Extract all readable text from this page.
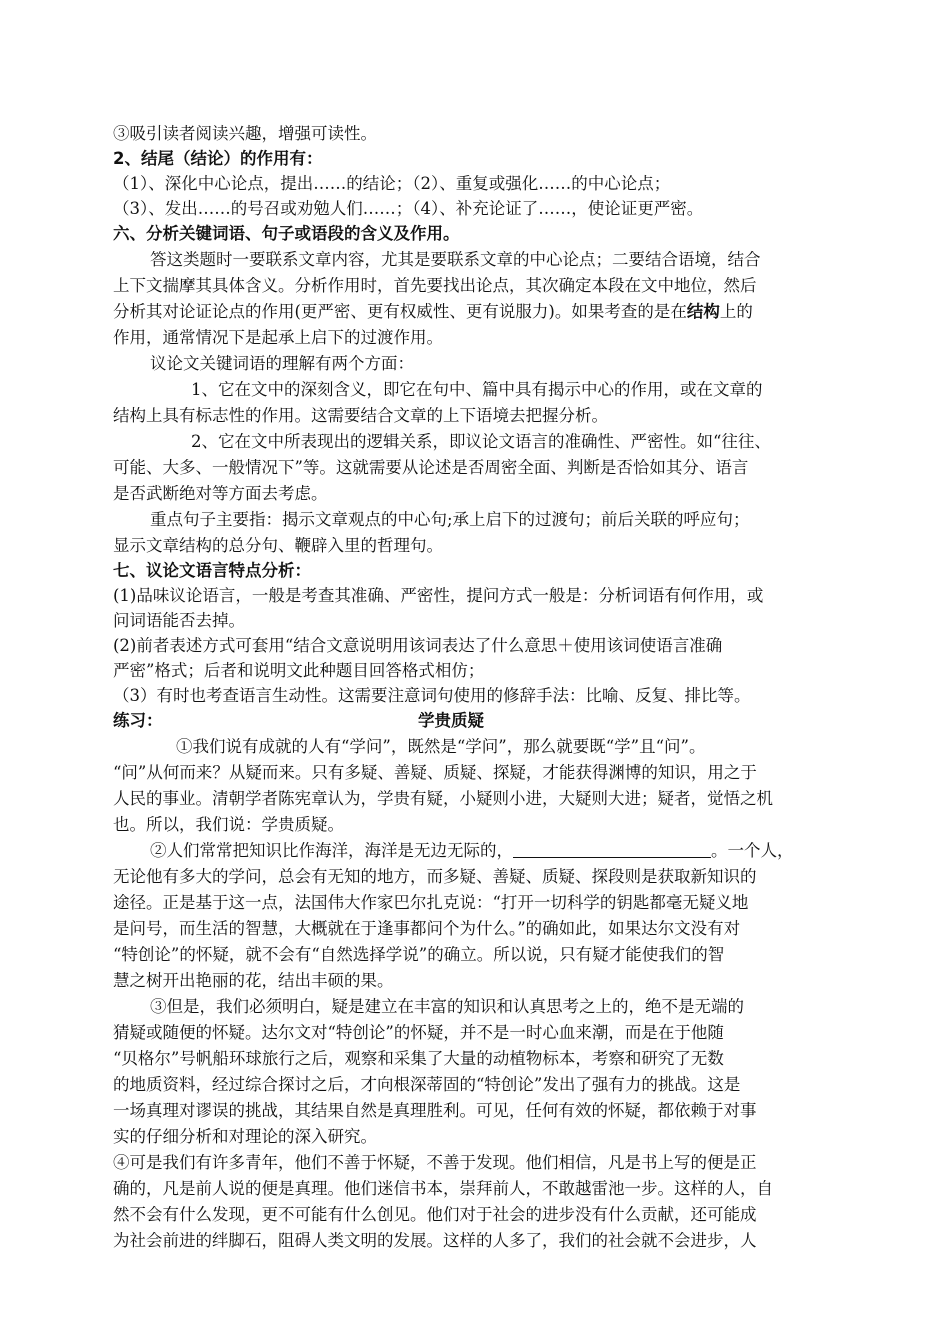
③吸引读者阅读兴趣，增强可读性。
2、结尾（结论）的作用有：
（1）、深化中心论点，提出……的结论；（2）、重复或强化……的中心论点；
（3）、发出……的号召或劝勉人们……；（4）、补充论证了……，使论证更严密。
六、分析关键词语、句子或语段的含义及作用。
答这类题时一要联系文章内容，尤其是要联系文章的中心论点；二要结合语境，结合
上下文揣摩其具体含义。分析作用时，首先要找出论点，其次确定本段在文中地位，然后
分析其对论证论点的作用(更严密、更有权威性、更有说服力)。如果考查的是在结构上的
作用，通常情况下是起承上启下的过渡作用。
议论文关键词语的理解有两个方面：
1、它在文中的深刻含义，即它在句中、篇中具有揭示中心的作用，或在文章的
结构上具有标志性的作用。这需要结合文章的上下语境去把握分析。
2、它在文中所表现出的逻辑关系，即议论文语言的准确性、严密性。如“往往、
可能、大多、一般情况下”等。这就需要从论述是否周密全面、判断是否恰如其分、语言
是否武断绝对等方面去考虑。
重点句子主要指：揭示文章观点的中心句;承上启下的过渡句；前后关联的呼应句；
显示文章结构的总分句、鞭辟入里的哲理句。
七、议论文语言特点分析：
(1)品味议论语言，一般是考查其准确、严密性，提问方式一般是：分析词语有何作用，或
问词语能否去掉。
(2)前者表述方式可套用“结合文意说明用该词表达了什么意思＋使用该词使语言准确
严密”格式；后者和说明文此种题目回答格式相仿；
（3）有时也考查语言生动性。这需要注意词句使用的修辞手法：比喻、反复、排比等。
练习：	学贵质疑
①我们说有成就的人有“学问”，既然是“学问”，那么就要既“学”且“问”。
“问”从何而来？从疑而来。只有多疑、善疑、质疑、探疑，才能获得渊博的知识，用之于
人民的事业。清朝学者陈宪章认为，学贵有疑，小疑则小进，大疑则大进；疑者，觉悟之机
也。所以，我们说：学贵质疑。
②人们常常把知识比作海洋，海洋是无边无际的，	。一个人，
无论他有多大的学问，总会有无知的地方，而多疑、善疑、质疑、探段则是获取新知识的
途径。正是基于这一点，法国伟大作家巴尔扎克说：“打开一切科学的钥匙都毫无疑义地
是问号，而生活的智慧，大概就在于逢事都问个为什么。”的确如此，如果达尔文没有对
“特创论”的怀疑，就不会有“自然选择学说”的确立。所以说，只有疑才能使我们的智
慧之树开出艳丽的花，结出丰硕的果。
③但是，我们必须明白，疑是建立在丰富的知识和认真思考之上的，绝不是无端的
猜疑或随便的怀疑。达尔文对“特创论”的怀疑，并不是一时心血来潮，而是在于他随
“贝格尔”号帆船环球旅行之后，观察和采集了大量的动植物标本，考察和研究了无数
的地质资料，经过综合探讨之后，才向根深蒂固的“特创论”发出了强有力的挑战。这是
一场真理对谬误的挑战，其结果自然是真理胜利。可见，任何有效的怀疑，都依赖于对事
实的仔细分析和对理论的深入研究。
④可是我们有许多青年，他们不善于怀疑，不善于发现。他们相信，凡是书上写的便是正
确的，凡是前人说的便是真理。他们迷信书本，崇拜前人，不敢越雷池一步。这样的人，自
然不会有什么发现，更不可能有什么创见。他们对于社会的进步没有什么贡献，还可能成
为社会前进的绊脚石，阻碍人类文明的发展。这样的人多了，我们的社会就不会进步，人
